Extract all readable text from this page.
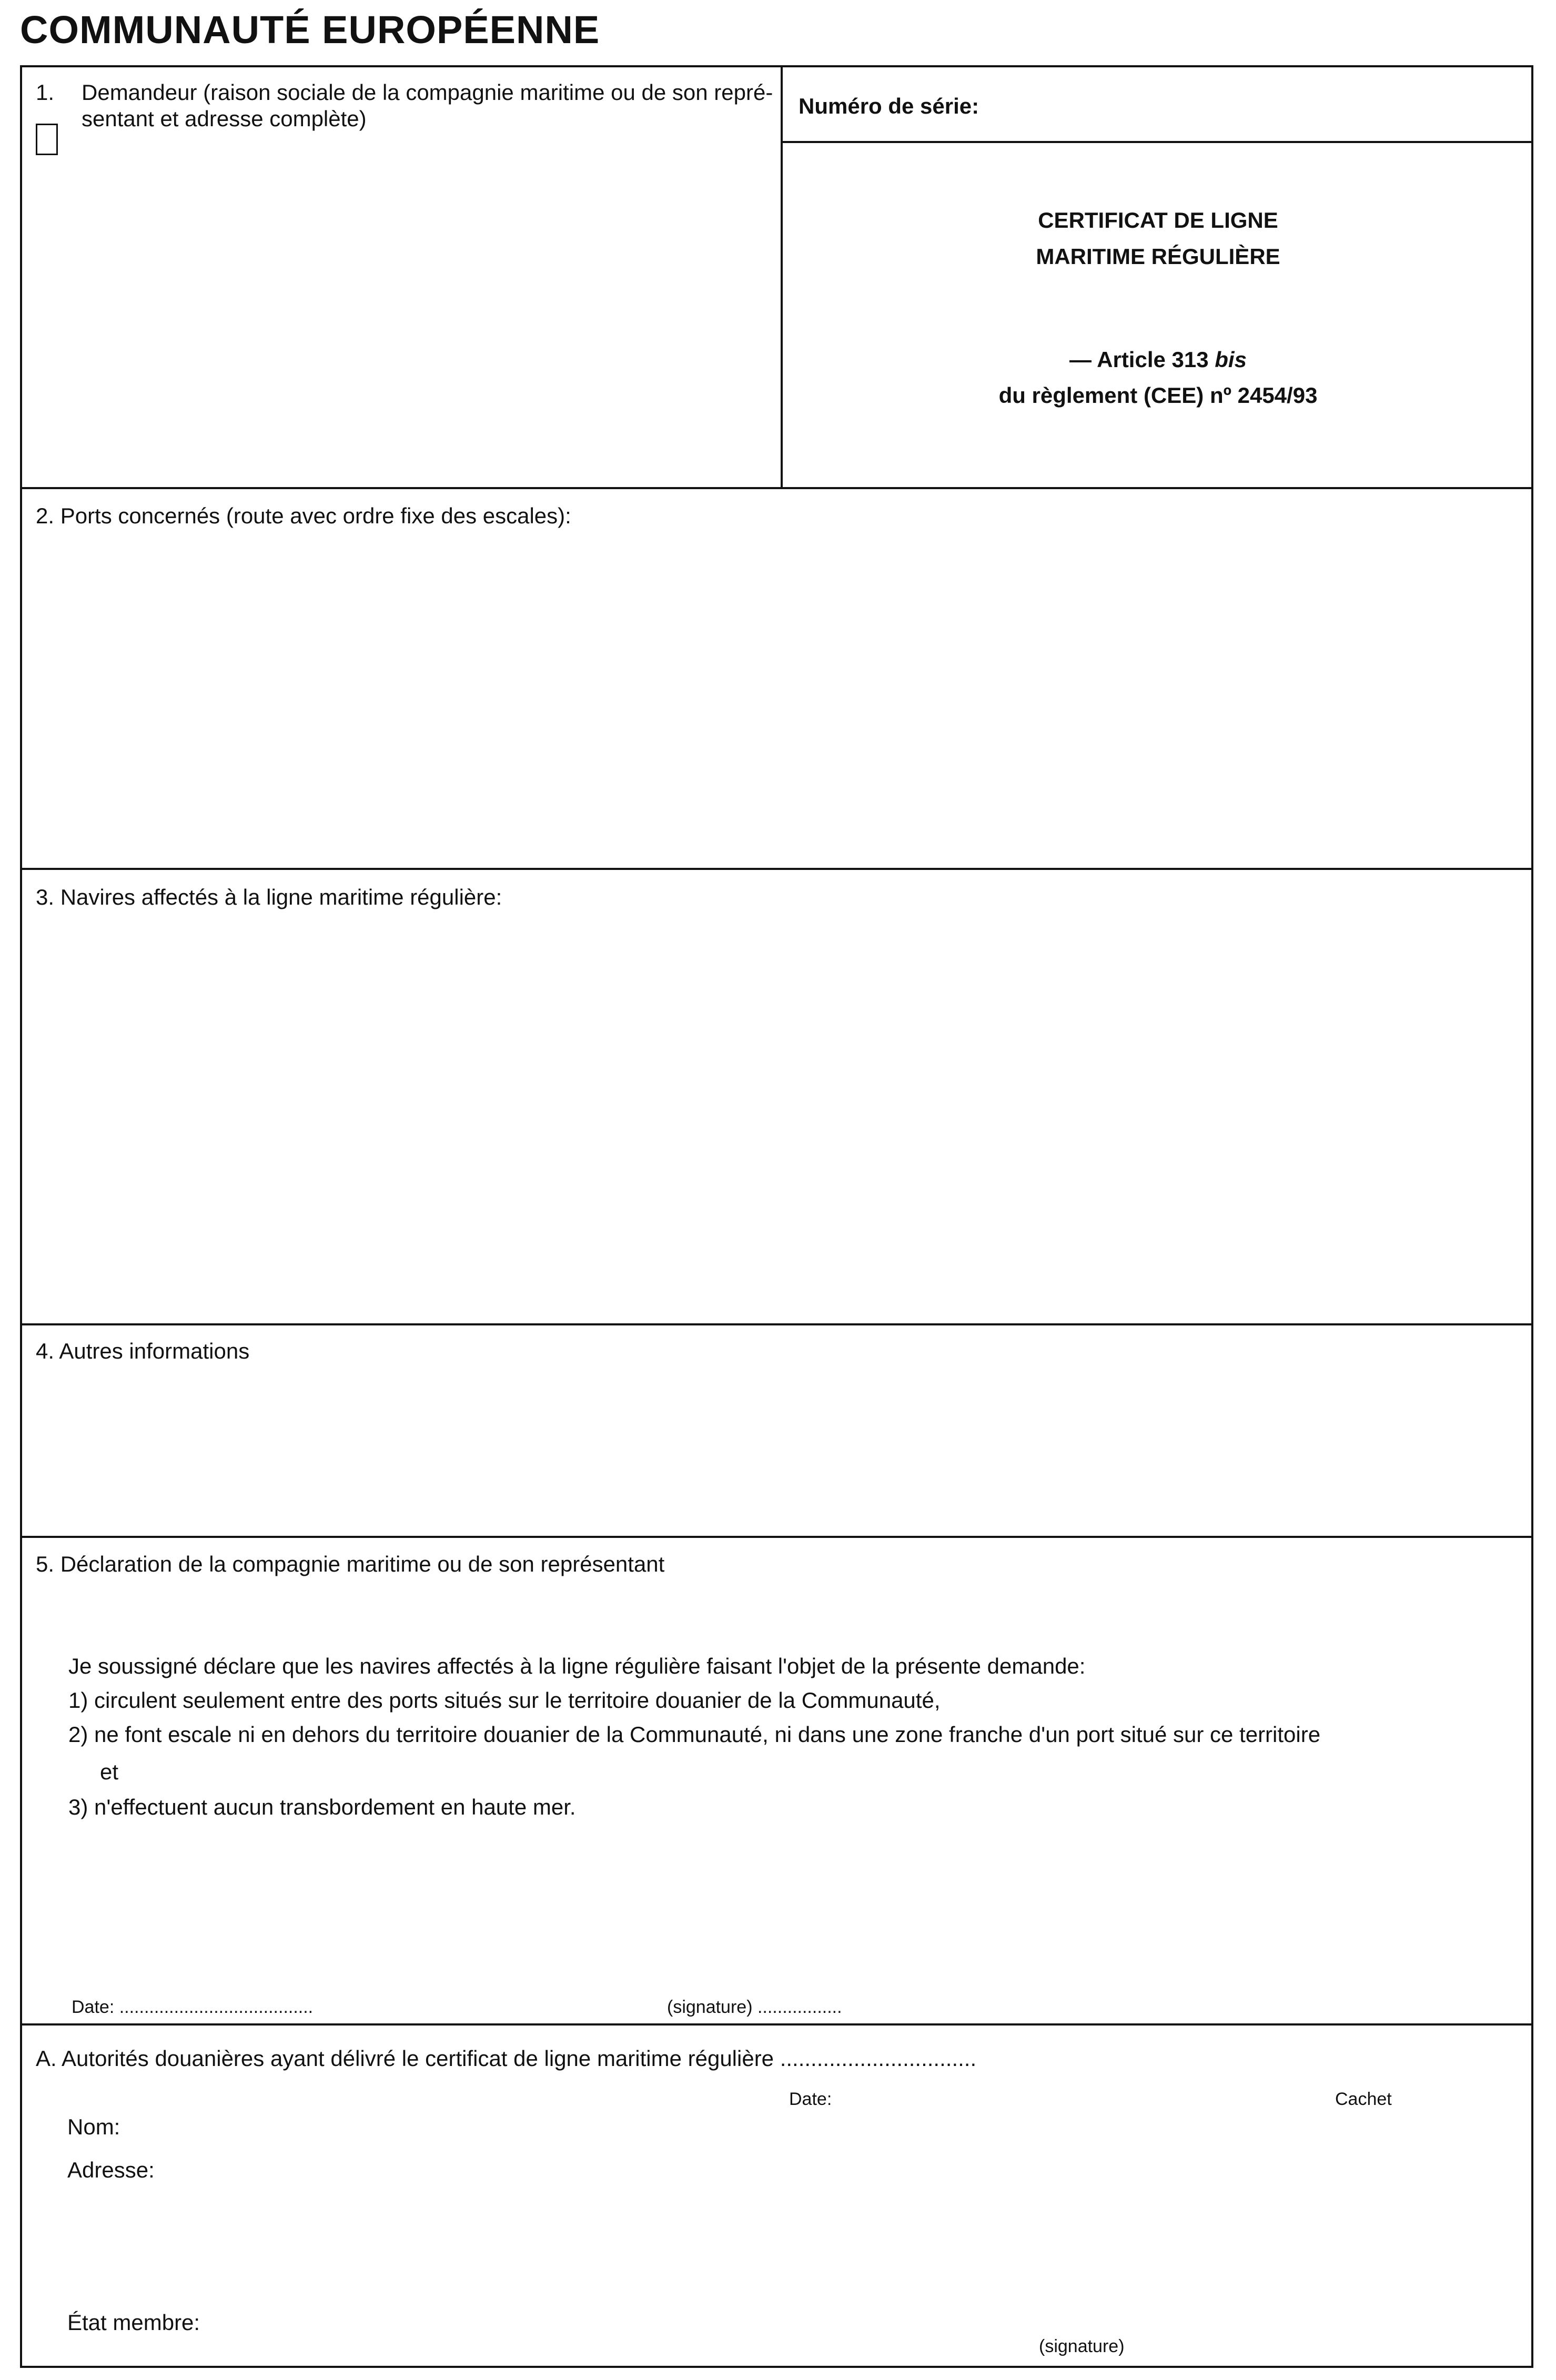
COMMUNAUTÉ EUROPÉENNE
1. Demandeur (raison sociale de la compagnie maritime ou de son repré-
sentant et adresse complète)
Numéro de série:
CERTIFICAT DE LIGNE
MARITIME RÉGULIÈRE
— Article 313 bis
du règlement (CEE) nº 2454/93
2. Ports concernés (route avec ordre fixe des escales):
3. Navires affectés à la ligne maritime régulière:
4. Autres informations
5. Déclaration de la compagnie maritime ou de son représentant
Je soussigné déclare que les navires affectés à la ligne régulière faisant l'objet de la présente demande:
1) circulent seulement entre des ports situés sur le territoire douanier de la Communauté,
2) ne font escale ni en dehors du territoire douanier de la Communauté, ni dans une zone franche d'un port situé sur ce territoire
et
3) n'effectuent aucun transbordement en haute mer.
Date: .......................................	(signature) .................
A. Autorités douanières ayant délivré le certificat de ligne maritime régulière ................................
Date:	Cachet
Nom:
Adresse:
État membre:
(signature)
